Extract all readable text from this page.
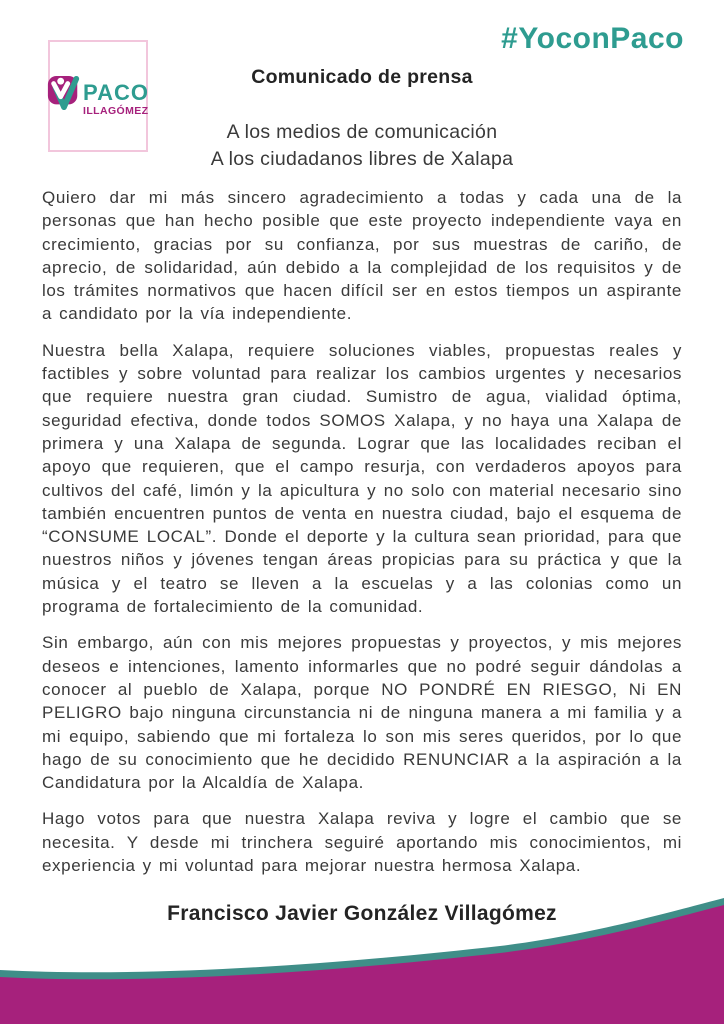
PACO
ILLAGÓMEZ
#YoconPaco
Comunicado de prensa
A los medios de comunicación
A los ciudadanos libres de Xalapa

Quiero dar mi más sincero agradecimiento a todas y cada una de la personas que han hecho posible que este proyecto independiente vaya en crecimiento, gracias por su confianza, por sus muestras de cariño, de aprecio, de solidaridad, aún debido a la complejidad de los requisitos y de los trámites normativos que hacen difícil ser en estos tiempos un aspirante a candidato por la vía independiente.

Nuestra bella Xalapa, requiere soluciones viables, propuestas reales y factibles y sobre voluntad para realizar los cambios urgentes y necesarios que requiere nuestra gran ciudad. Sumistro de agua, vialidad óptima, seguridad efectiva, donde todos SOMOS Xalapa, y no haya una Xalapa de primera y una Xalapa de segunda. Lograr que las localidades reciban el apoyo que requieren, que el campo resurja, con verdaderos apoyos para cultivos del café, limón y la apicultura y no solo con material necesario sino también encuentren puntos de venta en nuestra ciudad, bajo el esquema de “CONSUME LOCAL”. Donde el deporte y la cultura sean prioridad, para que nuestros niños y jóvenes tengan áreas propicias para su práctica y que la música y el teatro se lleven a la escuelas y a las colonias como un programa de fortalecimiento de la comunidad.

Sin embargo, aún con mis mejores propuestas y proyectos, y mis mejores deseos e intenciones, lamento informarles que no podré seguir dándolas a conocer al pueblo de Xalapa, porque NO PONDRÉ EN RIESGO, Ni EN PELIGRO bajo ninguna circunstancia ni de ninguna manera a mi familia y a mi equipo, sabiendo que mi fortaleza lo son mis seres queridos, por lo que hago de su conocimiento que he decidido RENUNCIAR a la aspiración a la Candidatura por la Alcaldía de Xalapa.

Hago votos para que nuestra Xalapa reviva y logre el cambio que se necesita. Y desde mi trinchera seguiré aportando mis conocimientos, mi experiencia y mi voluntad para mejorar nuestra hermosa Xalapa.

Francisco Javier González Villagómez
